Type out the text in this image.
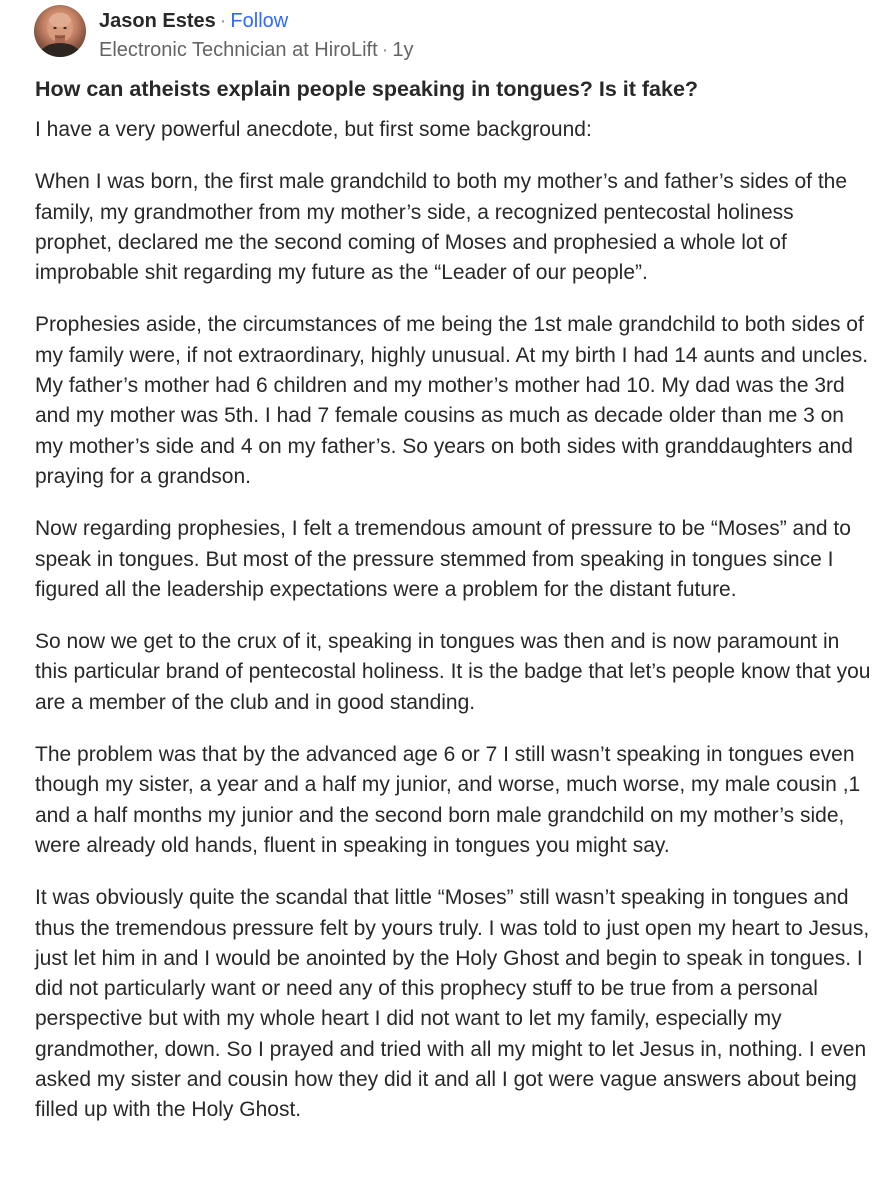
Jason Estes · Follow
Electronic Technician at HiroLift · 1y
How can atheists explain people speaking in tongues? Is it fake?

I have a very powerful anecdote, but first some background:

When I was born, the first male grandchild to both my mother’s and father’s sides of the family, my grandmother from my mother’s side, a recognized pentecostal holiness prophet, declared me the second coming of Moses and prophesied a whole lot of improbable shit regarding my future as the “Leader of our people”.

Prophesies aside, the circumstances of me being the 1st male grandchild to both sides of my family were, if not extraordinary, highly unusual. At my birth I had 14 aunts and uncles. My father’s mother had 6 children and my mother’s mother had 10. My dad was the 3rd and my mother was 5th. I had 7 female cousins as much as decade older than me 3 on my mother’s side and 4 on my father’s. So years on both sides with granddaughters and praying for a grandson.

Now regarding prophesies, I felt a tremendous amount of pressure to be “Moses” and to speak in tongues. But most of the pressure stemmed from speaking in tongues since I figured all the leadership expectations were a problem for the distant future.

So now we get to the crux of it, speaking in tongues was then and is now paramount in this particular brand of pentecostal holiness. It is the badge that let’s people know that you are a member of the club and in good standing.

The problem was that by the advanced age 6 or 7 I still wasn’t speaking in tongues even though my sister, a year and a half my junior, and worse, much worse, my male cousin ,1 and a half months my junior and the second born male grandchild on my mother’s side, were already old hands, fluent in speaking in tongues you might say.

It was obviously quite the scandal that little “Moses” still wasn’t speaking in tongues and thus the tremendous pressure felt by yours truly. I was told to just open my heart to Jesus, just let him in and I would be anointed by the Holy Ghost and begin to speak in tongues. I did not particularly want or need any of this prophecy stuff to be true from a personal perspective but with my whole heart I did not want to let my family, especially my grandmother, down. So I prayed and tried with all my might to let Jesus in, nothing. I even asked my sister and cousin how they did it and all I got were vague answers about being filled up with the Holy Ghost.
